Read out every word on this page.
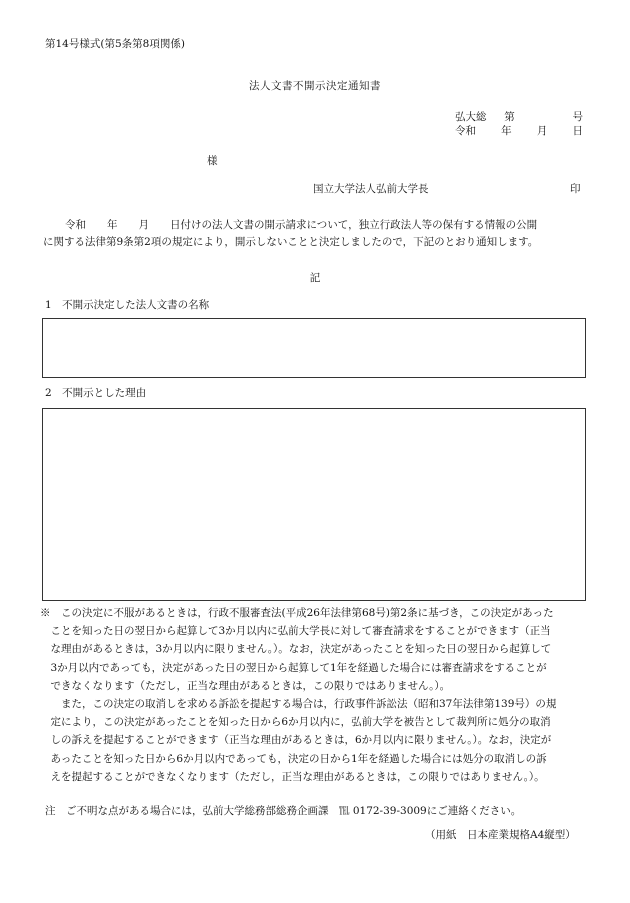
第14号様式(第5条第8項関係)
法人文書不開示決定通知書
弘大総 第	号
令和 年 月 日
様
国立大学法人弘前大学長	印
令和　　年　　月　　日付けの法人文書の開示請求について，独立行政法人等の保有する情報の公開
に関する法律第9条第2項の規定により，開示しないことと決定しましたので，下記のとおり通知します。
記
1　不開示決定した法人文書の名称
2　不開示とした理由
※　この決定に不服があるときは，行政不服審査法(平成26年法律第68号)第2条に基づき，この決定があった
　ことを知った日の翌日から起算して3か月以内に弘前大学長に対して審査請求をすることができます（正当
　な理由があるときは，3か月以内に限りません。）。なお，決定があったことを知った日の翌日から起算して
　3か月以内であっても，決定があった日の翌日から起算して1年を経過した場合には審査請求をすることが
　できなくなります（ただし，正当な理由があるときは，この限りではありません。）。
　　また，この決定の取消しを求める訴訟を提起する場合は，行政事件訴訟法（昭和37年法律第139号）の規
　定により，この決定があったことを知った日から6か月以内に，弘前大学を被告として裁判所に処分の取消
　しの訴えを提起することができます（正当な理由があるときは，6か月以内に限りません。）。なお，決定が
　あったことを知った日から6か月以内であっても，決定の日から1年を経過した場合には処分の取消しの訴
　えを提起することができなくなります（ただし，正当な理由があるときは，この限りではありません。）。
注　ご不明な点がある場合には，弘前大学総務部総務企画課　℡ 0172-39-3009にご連絡ください。
（用紙　日本産業規格A4縦型）
